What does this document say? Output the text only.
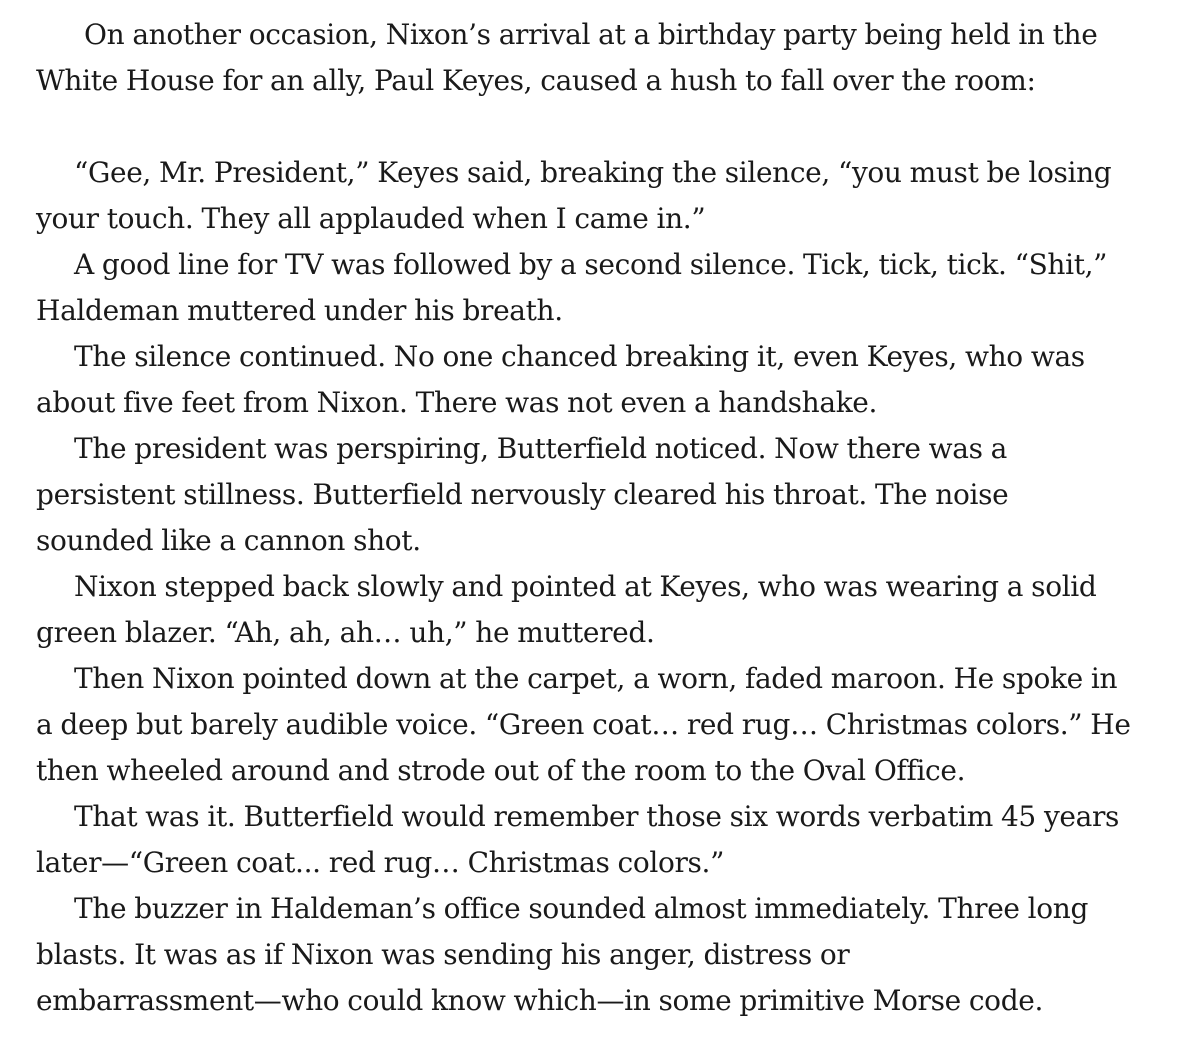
On another occasion, Nixon’s arrival at a birthday party being held in the
White House for an ally, Paul Keyes, caused a hush to fall over the room:
“Gee, Mr. President,” Keyes said, breaking the silence, “you must be losing
your touch. They all applauded when I came in.”
A good line for TV was followed by a second silence. Tick, tick, tick. “Shit,”
Haldeman muttered under his breath.
The silence continued. No one chanced breaking it, even Keyes, who was
about five feet from Nixon. There was not even a handshake.
The president was perspiring, Butterfield noticed. Now there was a
persistent stillness. Butterfield nervously cleared his throat. The noise
sounded like a cannon shot.
Nixon stepped back slowly and pointed at Keyes, who was wearing a solid
green blazer. “Ah, ah, ah… uh,” he muttered.
Then Nixon pointed down at the carpet, a worn, faded maroon. He spoke in
a deep but barely audible voice. “Green coat… red rug… Christmas colors.” He
then wheeled around and strode out of the room to the Oval Office.
That was it. Butterfield would remember those six words verbatim 45 years
later—“Green coat... red rug… Christmas colors.”
The buzzer in Haldeman’s office sounded almost immediately. Three long
blasts. It was as if Nixon was sending his anger, distress or
embarrassment—who could know which—in some primitive Morse code.
